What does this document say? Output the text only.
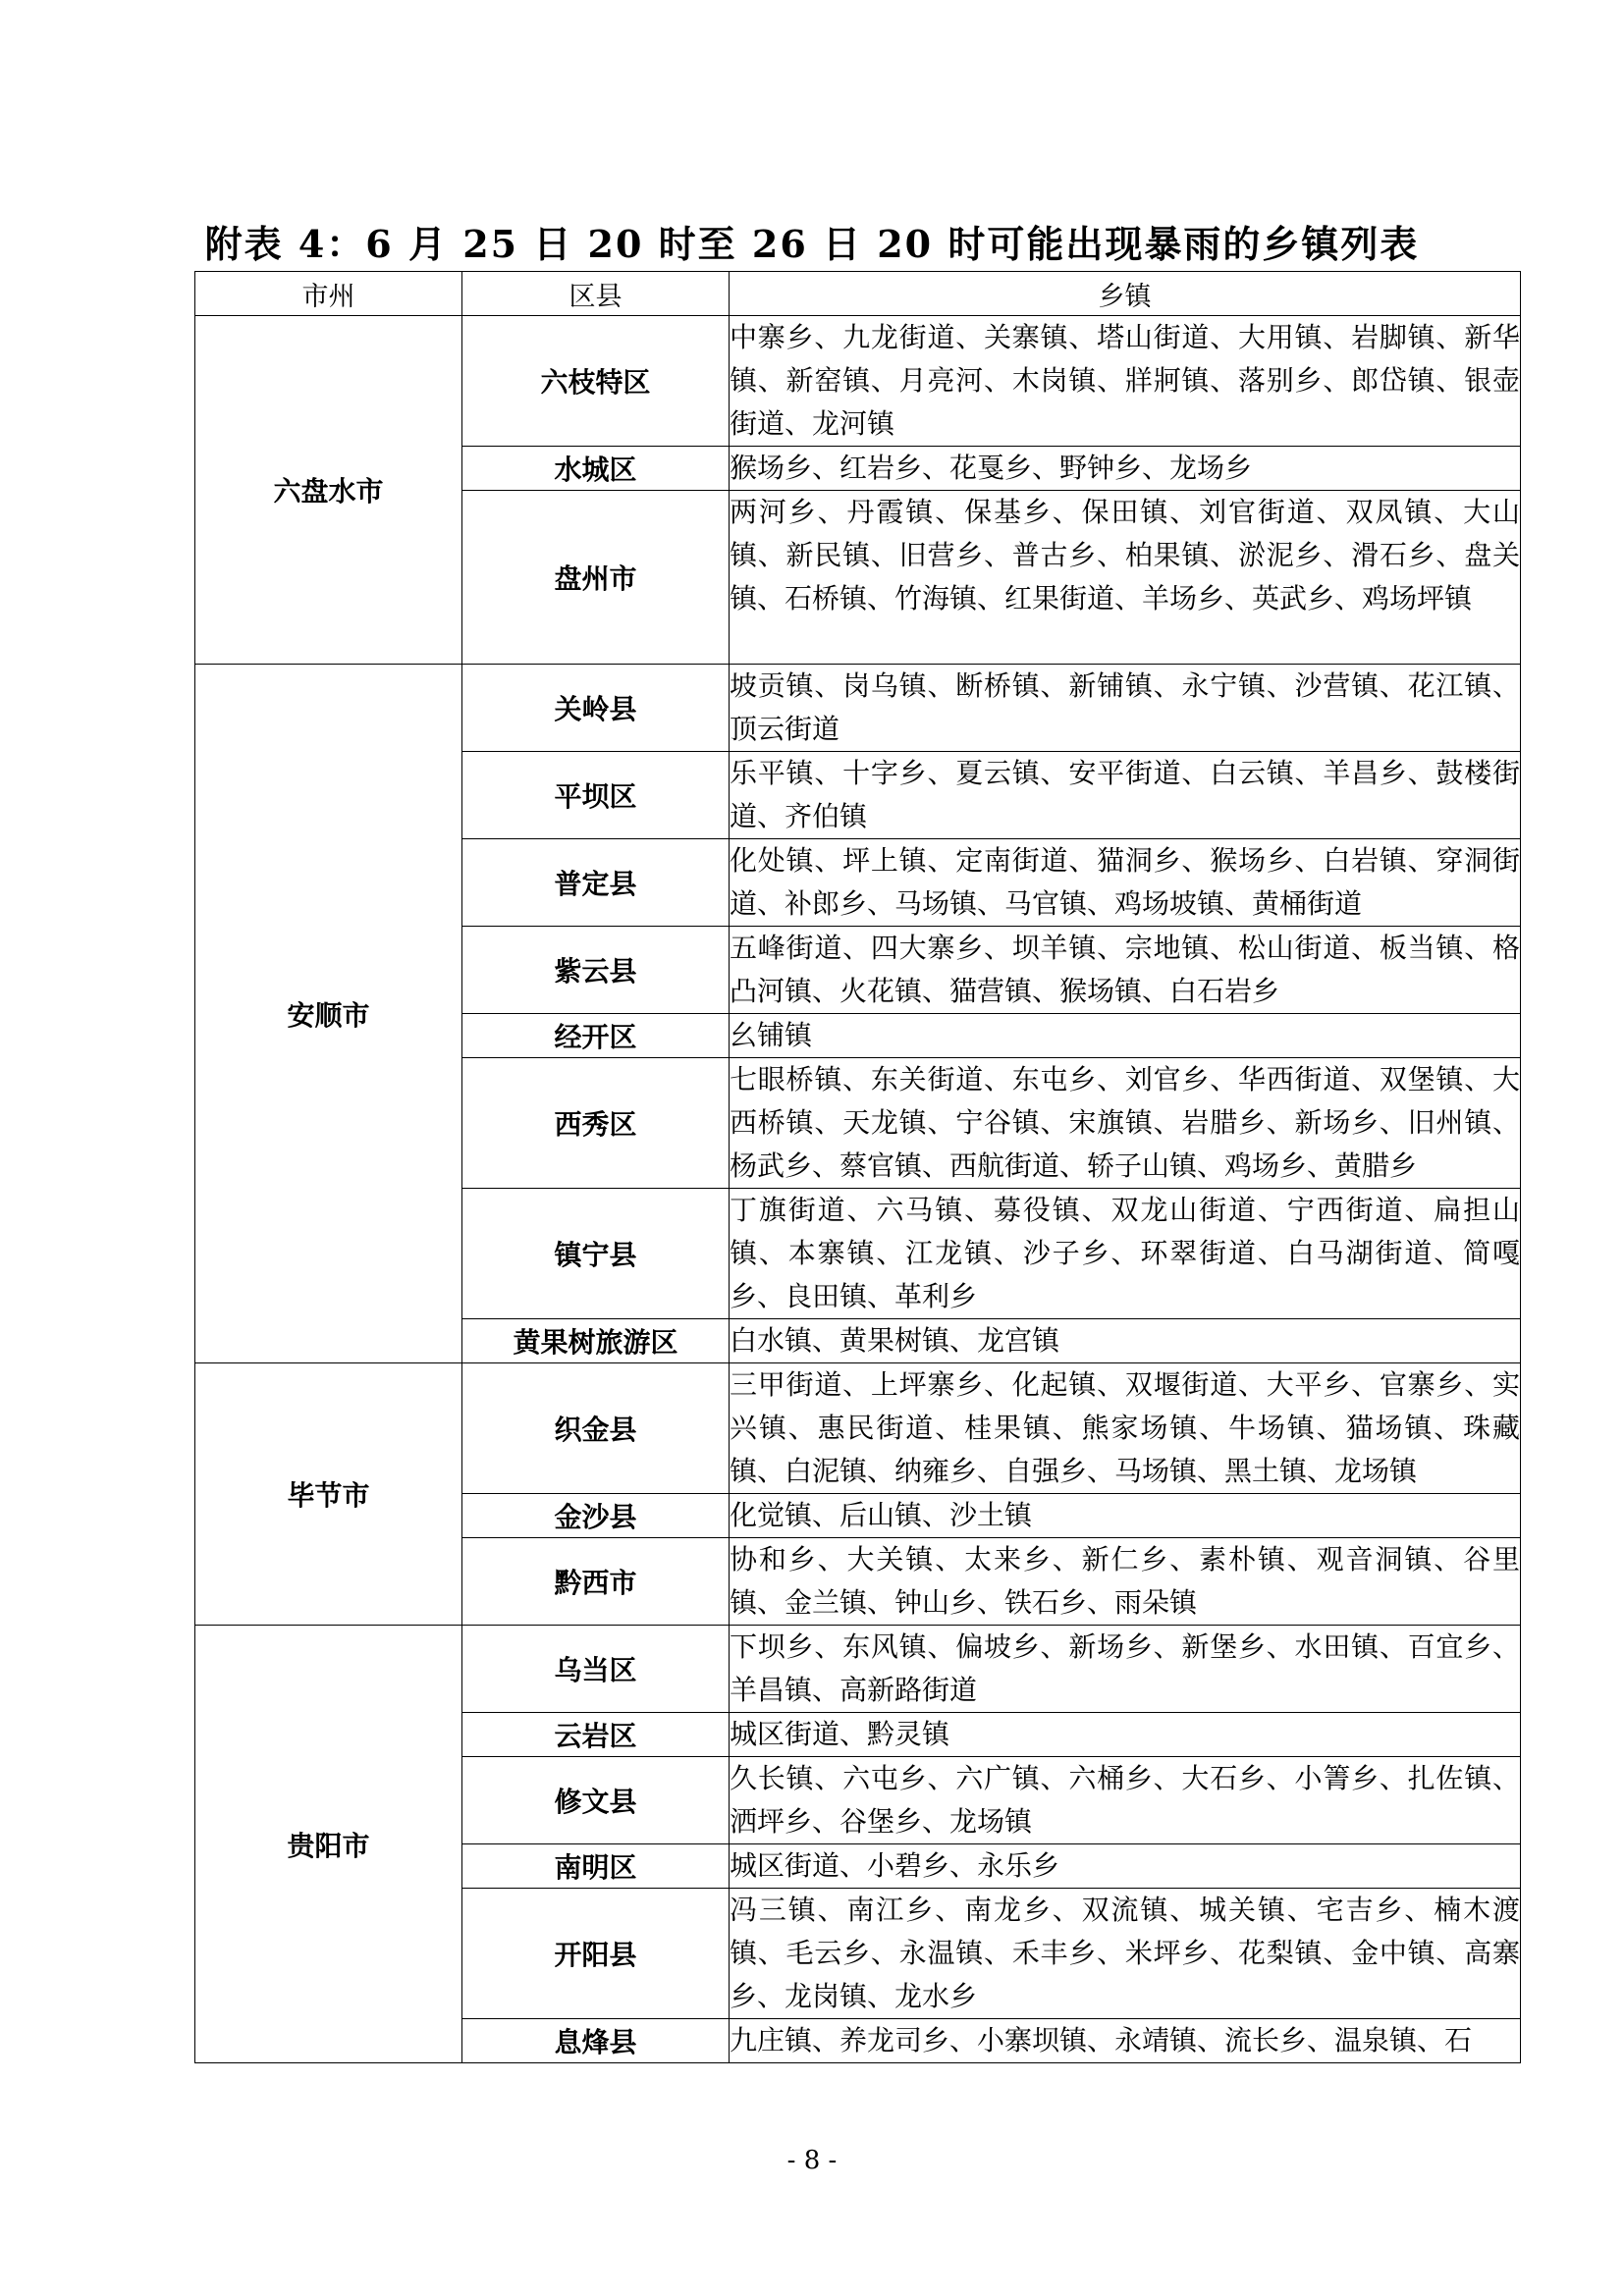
附表 4：6 月 25 日 20 时至 26 日 20 时可能出现暴雨的乡镇列表
市州	区县	乡镇
六盘水市	六枝特区	中寨乡、九龙街道、关寨镇、塔山街道、大用镇、岩脚镇、新华镇、新窑镇、月亮河、木岗镇、牂牁镇、落别乡、郎岱镇、银壶街道、龙河镇
	水城区	猴场乡、红岩乡、花戛乡、野钟乡、龙场乡
	盘州市	两河乡、丹霞镇、保基乡、保田镇、刘官街道、双凤镇、大山镇、新民镇、旧营乡、普古乡、柏果镇、淤泥乡、滑石乡、盘关镇、石桥镇、竹海镇、红果街道、羊场乡、英武乡、鸡场坪镇
安顺市	关岭县	坡贡镇、岗乌镇、断桥镇、新铺镇、永宁镇、沙营镇、花江镇、顶云街道
	平坝区	乐平镇、十字乡、夏云镇、安平街道、白云镇、羊昌乡、鼓楼街道、齐伯镇
	普定县	化处镇、坪上镇、定南街道、猫洞乡、猴场乡、白岩镇、穿洞街道、补郎乡、马场镇、马官镇、鸡场坡镇、黄桶街道
	紫云县	五峰街道、四大寨乡、坝羊镇、宗地镇、松山街道、板当镇、格凸河镇、火花镇、猫营镇、猴场镇、白石岩乡
	经开区	幺铺镇
	西秀区	七眼桥镇、东关街道、东屯乡、刘官乡、华西街道、双堡镇、大西桥镇、天龙镇、宁谷镇、宋旗镇、岩腊乡、新场乡、旧州镇、杨武乡、蔡官镇、西航街道、轿子山镇、鸡场乡、黄腊乡
	镇宁县	丁旗街道、六马镇、募役镇、双龙山街道、宁西街道、扁担山镇、本寨镇、江龙镇、沙子乡、环翠街道、白马湖街道、简嘎乡、良田镇、革利乡
	黄果树旅游区	白水镇、黄果树镇、龙宫镇
毕节市	织金县	三甲街道、上坪寨乡、化起镇、双堰街道、大平乡、官寨乡、实兴镇、惠民街道、桂果镇、熊家场镇、牛场镇、猫场镇、珠藏镇、白泥镇、纳雍乡、自强乡、马场镇、黑土镇、龙场镇
	金沙县	化觉镇、后山镇、沙土镇
	黔西市	协和乡、大关镇、太来乡、新仁乡、素朴镇、观音洞镇、谷里镇、金兰镇、钟山乡、铁石乡、雨朵镇
贵阳市	乌当区	下坝乡、东风镇、偏坡乡、新场乡、新堡乡、水田镇、百宜乡、羊昌镇、高新路街道
	云岩区	城区街道、黔灵镇
	修文县	久长镇、六屯乡、六广镇、六桶乡、大石乡、小箐乡、扎佐镇、洒坪乡、谷堡乡、龙场镇
	南明区	城区街道、小碧乡、永乐乡
	开阳县	冯三镇、南江乡、南龙乡、双流镇、城关镇、宅吉乡、楠木渡镇、毛云乡、永温镇、禾丰乡、米坪乡、花梨镇、金中镇、高寨乡、龙岗镇、龙水乡
	息烽县	九庄镇、养龙司乡、小寨坝镇、永靖镇、流长乡、温泉镇、石
- 8 -
